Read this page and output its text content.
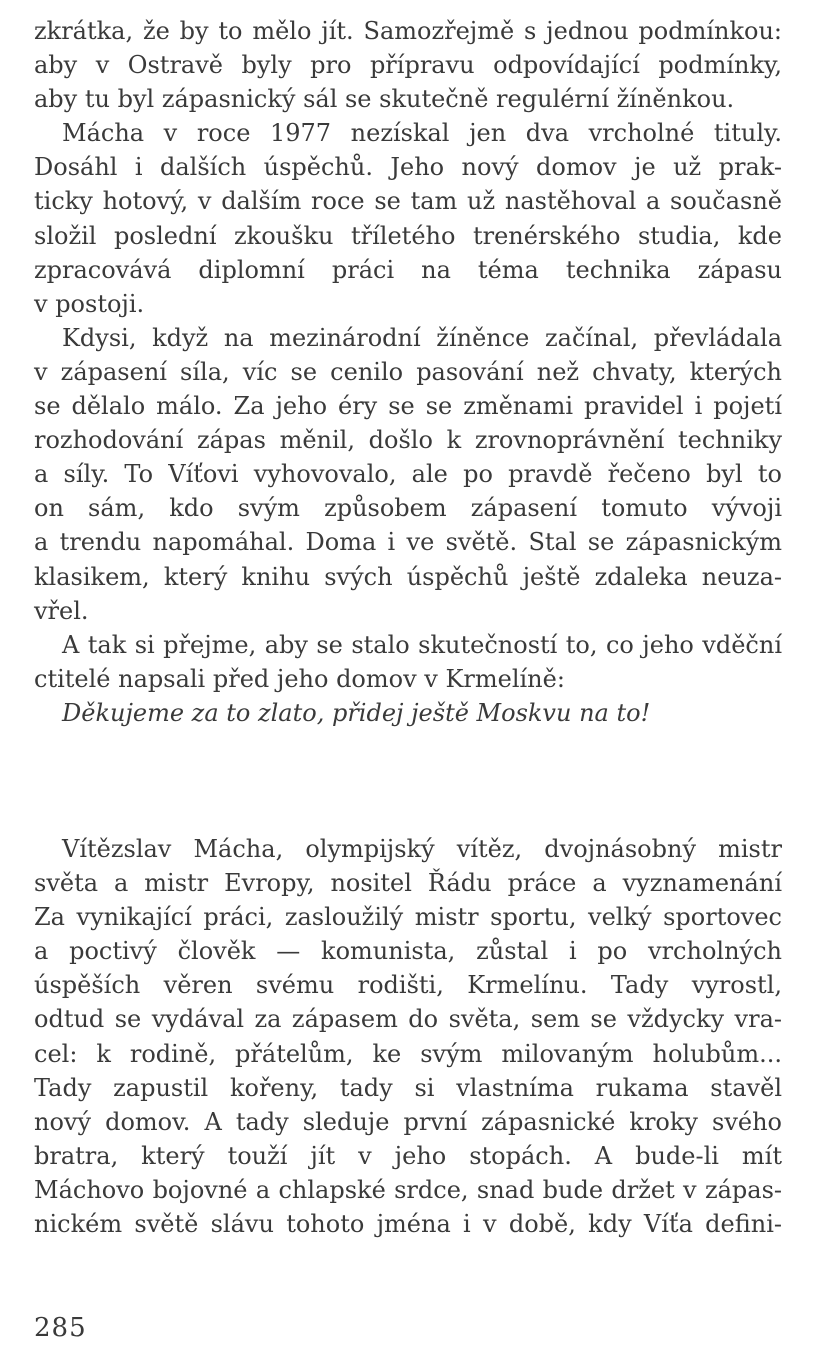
zkrátka, že by to mělo jít. Samozřejmě s jednou podmínkou:
aby v Ostravě byly pro přípravu odpovídající podmínky,
aby tu byl zápasnický sál se skutečně regulérní žíněnkou.

Mácha v roce 1977 nezískal jen dva vrcholné tituly.
Dosáhl i dalších úspěchů. Jeho nový domov je už prak-
ticky hotový, v dalším roce se tam už nastěhoval a současně
složil poslední zkoušku tříletého trenérského studia, kde
zpracovává diplomní práci na téma technika zápasu
v postoji.

Kdysi, když na mezinárodní žíněnce začínal, převládala
v zápasení síla, víc se cenilo pasování než chvaty, kterých
se dělalo málo. Za jeho éry se se změnami pravidel i pojetí
rozhodování zápas měnil, došlo k zrovnoprávnění techniky
a síly. To Víťovi vyhovovalo, ale po pravdě řečeno byl to
on sám, kdo svým způsobem zápasení tomuto vývoji
a trendu napomáhal. Doma i ve světě. Stal se zápasnickým
klasikem, který knihu svých úspěchů ještě zdaleka neuza-
vřel.

A tak si přejme, aby se stalo skutečností to, co jeho vděční
ctitelé napsali před jeho domov v Krmelíně:
Děkujeme za to zlato, přidej ještě Moskvu na to!

Vítězslav Mácha, olympijský vítěz, dvojnásobný mistr
světa a mistr Evropy, nositel Řádu práce a vyznamenání
Za vynikající práci, zasloužilý mistr sportu, velký sportovec
a poctivý člověk — komunista, zůstal i po vrcholných
úspěších věren svému rodišti, Krmelínu. Tady vyrostl,
odtud se vydával za zápasem do světa, sem se vždycky vra-
cel: k rodině, přátelům, ke svým milovaným holubům...
Tady zapustil kořeny, tady si vlastníma rukama stavěl
nový domov. A tady sleduje první zápasnické kroky svého
bratra, který touží jít v jeho stopách. A bude-li mít
Máchovo bojovné a chlapské srdce, snad bude držet v zápas-
nickém světě slávu tohoto jména i v době, kdy Víťa defini-

285
